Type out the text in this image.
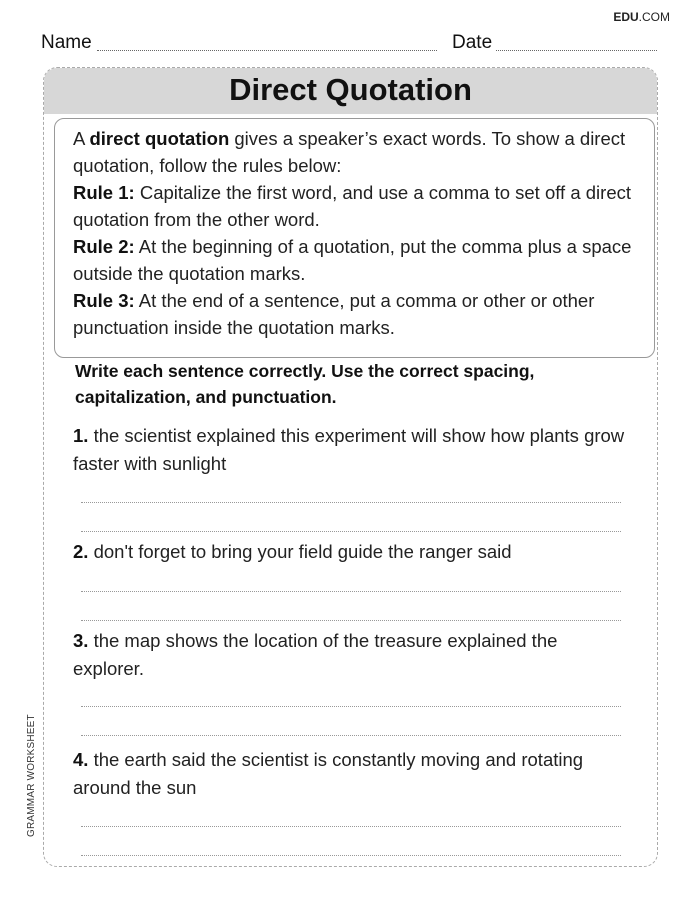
EDU.COM
Name	Date
GRAMMAR WORKSHEET
Direct Quotation

A direct quotation gives a speaker’s exact words. To show a direct quotation, follow the rules below:

Rule 1: Capitalize the first word, and use a comma to set off a direct quotation from the other word.

Rule 2: At the beginning of a quotation, put the comma plus a space outside the quotation marks.

Rule 3: At the end of a sentence, put a comma or other or other punctuation inside the quotation marks.

Write each sentence correctly. Use the correct spacing, capitalization, and punctuation.
1. the scientist explained this experiment will show how plants grow faster with sunlight
2. don't forget to bring your field guide the ranger said
3. the map shows the location of the treasure explained the explorer.
4. the earth said the scientist is constantly moving and rotating around the sun
